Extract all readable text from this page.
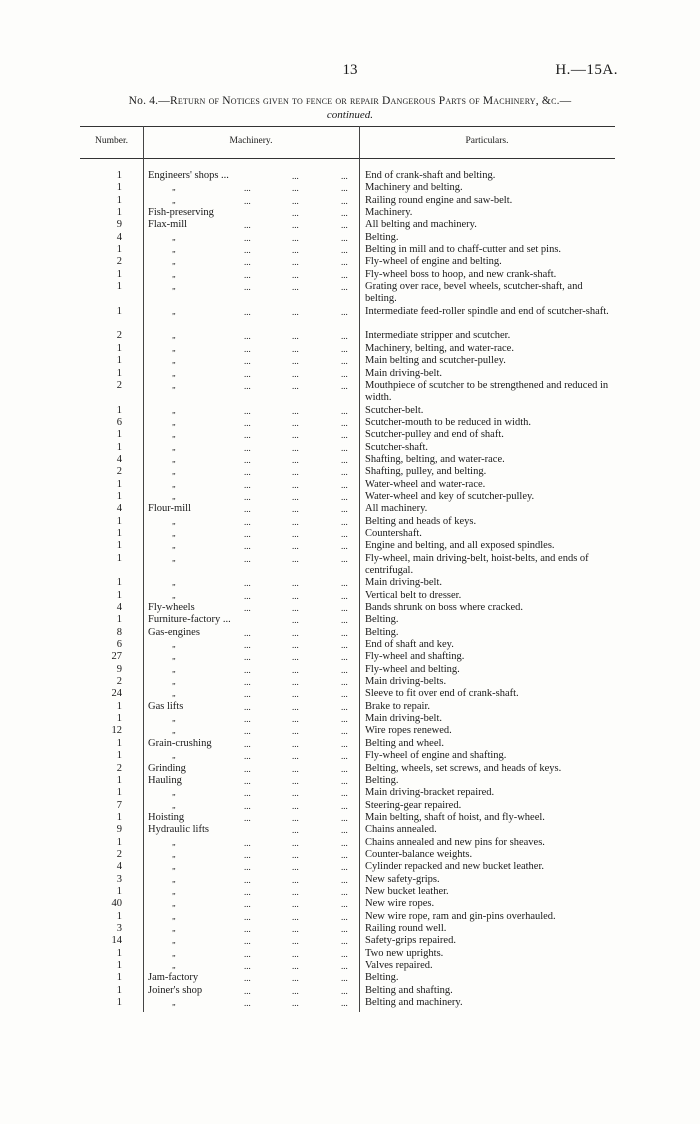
13	H.—15A.
No. 4.—Return of Notices given to fence or repair Dangerous Parts of Machinery, &c.—
continued.
Number.	Machinery.	Particulars.
1 Engineers' shops ...	...	... End of crank-shaft and belting.
1	„	...	...	... Machinery and belting.
1	„	...	...	... Railing round engine and saw-belt.
1 Fish-preserving	...	... Machinery.
9 Flax-mill	...	...	... All belting and machinery.
4	„	...	...	... Belting.
1	„	...	...	... Belting in mill and to chaff-cutter and set pins.
2	„	...	...	... Fly-wheel of engine and belting.
1	„	...	...	... Fly-wheel boss to hoop, and new crank-shaft.
1	„	...	...	... Grating over race, bevel wheels, scutcher-shaft, and belting.
1	„	...	...	... Intermediate feed-roller spindle and end of scutcher-shaft.
2	„	...	...	... Intermediate stripper and scutcher.
1	„	...	...	... Machinery, belting, and water-race.
1	„	...	...	... Main belting and scutcher-pulley.
1	„	...	...	... Main driving-belt.
2	„	...	...	... Mouthpiece of scutcher to be strengthened and reduced in width.
1	„	...	...	... Scutcher-belt.
6	„	...	...	... Scutcher-mouth to be reduced in width.
1	„	...	...	... Scutcher-pulley and end of shaft.
1	„	...	...	... Scutcher-shaft.
4	„	...	...	... Shafting, belting, and water-race.
2	„	...	...	... Shafting, pulley, and belting.
1	„	...	...	... Water-wheel and water-race.
1	„	...	...	... Water-wheel and key of scutcher-pulley.
4 Flour-mill	...	...	... All machinery.
1	„	...	...	... Belting and heads of keys.
1	„	...	...	... Countershaft.
1	„	...	...	... Engine and belting, and all exposed spindles.
1	„	...	...	... Fly-wheel, main driving-belt, hoist-belts, and ends of centrifugal.
1	„	...	...	... Main driving-belt.
1	„	...	...	... Vertical belt to dresser.
4 Fly-wheels	...	...	... Bands shrunk on boss where cracked.
1 Furniture-factory ...	...	... Belting.
8 Gas-engines	...	...	... Belting.
6	„	...	...	... End of shaft and key.
27	„	...	...	... Fly-wheel and shafting.
9	„	...	...	... Fly-wheel and belting.
2	„	...	...	... Main driving-belts.
24	„	...	...	... Sleeve to fit over end of crank-shaft.
1 Gas lifts	...	...	... Brake to repair.
1	„	...	...	... Main driving-belt.
12	„	...	...	... Wire ropes renewed.
1 Grain-crushing	...	...	... Belting and wheel.
1	„	...	...	... Fly-wheel of engine and shafting.
2 Grinding	...	...	... Belting, wheels, set screws, and heads of keys.
1 Hauling	...	...	... Belting.
1	„	...	...	... Main driving-bracket repaired.
7	„	...	...	... Steering-gear repaired.
1 Hoisting	...	...	... Main belting, shaft of hoist, and fly-wheel.
9 Hydraulic lifts	...	... Chains annealed.
1	„	...	...	... Chains annealed and new pins for sheaves.
2	„	...	...	... Counter-balance weights.
4	„	...	...	... Cylinder repacked and new bucket leather.
3	„	...	...	... New safety-grips.
1	„	...	...	... New bucket leather.
40	„	...	...	... New wire ropes.
1	„	...	...	... New wire rope, ram and gin-pins overhauled.
3	„	...	...	... Railing round well.
14	„	...	...	... Safety-grips repaired.
1	„	...	...	... Two new uprights.
1	„	...	...	... Valves repaired.
1 Jam-factory	...	...	... Belting.
1 Joiner's shop	...	...	... Belting and shafting.
1	„	...	...	... Belting and machinery.
